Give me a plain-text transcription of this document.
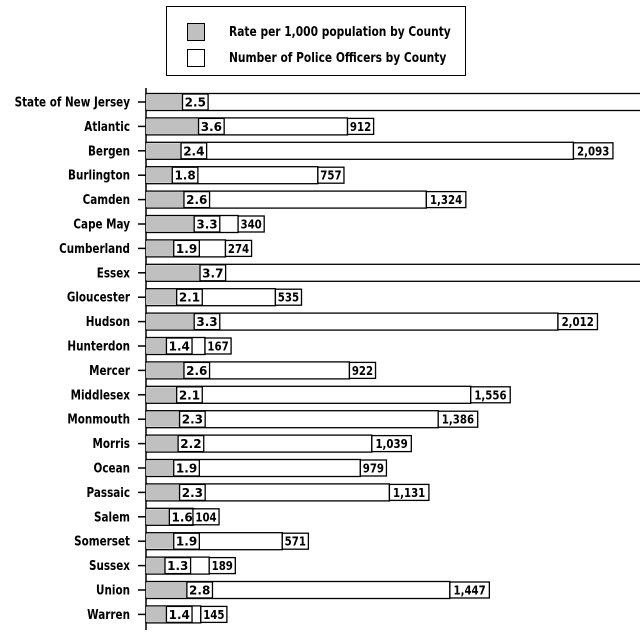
State of New Jersey	2.5
Atlantic	3.6	912
Bergen	2.4	2,093
Burlington	1.8	757
Camden	2.6	1,324
Cape May	3.3 340
Cumberland	1.9	274
Essex	3.7
Gloucester	2.1	535
Hudson	3.3	2,012
Hunterdon	1.4 167
Mercer	2.6	922
Middlesex	2.1	1,556
Monmouth	2.3	1,386
Morris	2.2	1,039
Ocean	1.9	979
Passaic	2.3	1,131
Salem	1.6 104
Somerset	1.9	571
Sussex	1.3 189
Union	2.8	1,447
Warren	1.4 145
Rate per 1,000 population by County
Number of Police Officers by County
